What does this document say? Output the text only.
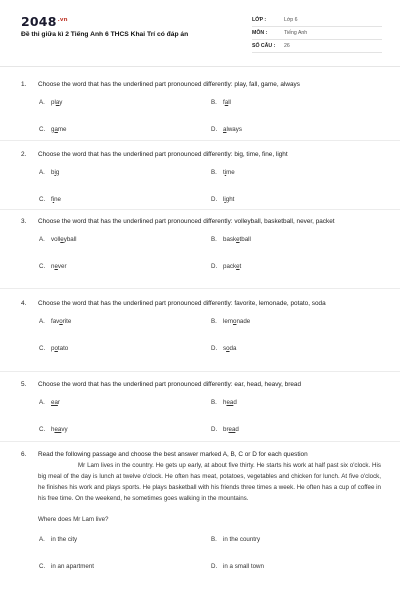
$2048^{.vn}$
Đề thi giữa kì 2 Tiếng Anh 6 THCS Khai Trí có đáp án
LỚP :	Lớp 6
MÔN :	Tiếng Anh
SỐ CÂU :	26
1. Choose the word that has the underlined part pronounced differently: play, fall, game, always
A. play	B. fall
C. game	D. always
2. Choose the word that has the underlined part pronounced differently: big, time, fine, light
A. big	B. time
C. fine	D. light
3. Choose the word that has the underlined part pronounced differently: volleyball, basketball, never, packet
A. volleyball	B. basketball
C. never	D. packet
4. Choose the word that has the underlined part pronounced differently: favorite, lemonade, potato, soda
A. favorite	B. lemonade
C. potato	D. soda
5. Choose the word that has the underlined part pronounced differently: ear, head, heavy, bread
A. ear	B. head
C. heavy	D. bread
6. Read the following passage and choose the best answer marked A, B, C or D for each question
Mr Lam lives in the country. He gets up early, at about five thirty. He starts his work at half past six o'clock. His big meal of the day is lunch at twelve o'clock. He often has meat, potatoes, vegetables and chicken for lunch. At five o'clock, he finishes his work and plays sports. He plays basketball with his friends three times a week. He often has a cup of coffee in his free time. On the weekend, he sometimes goes walking in the mountains.
Where does Mr Lam live?
A. in the city	B. in the country
C. in an apartment	D. in a small town
